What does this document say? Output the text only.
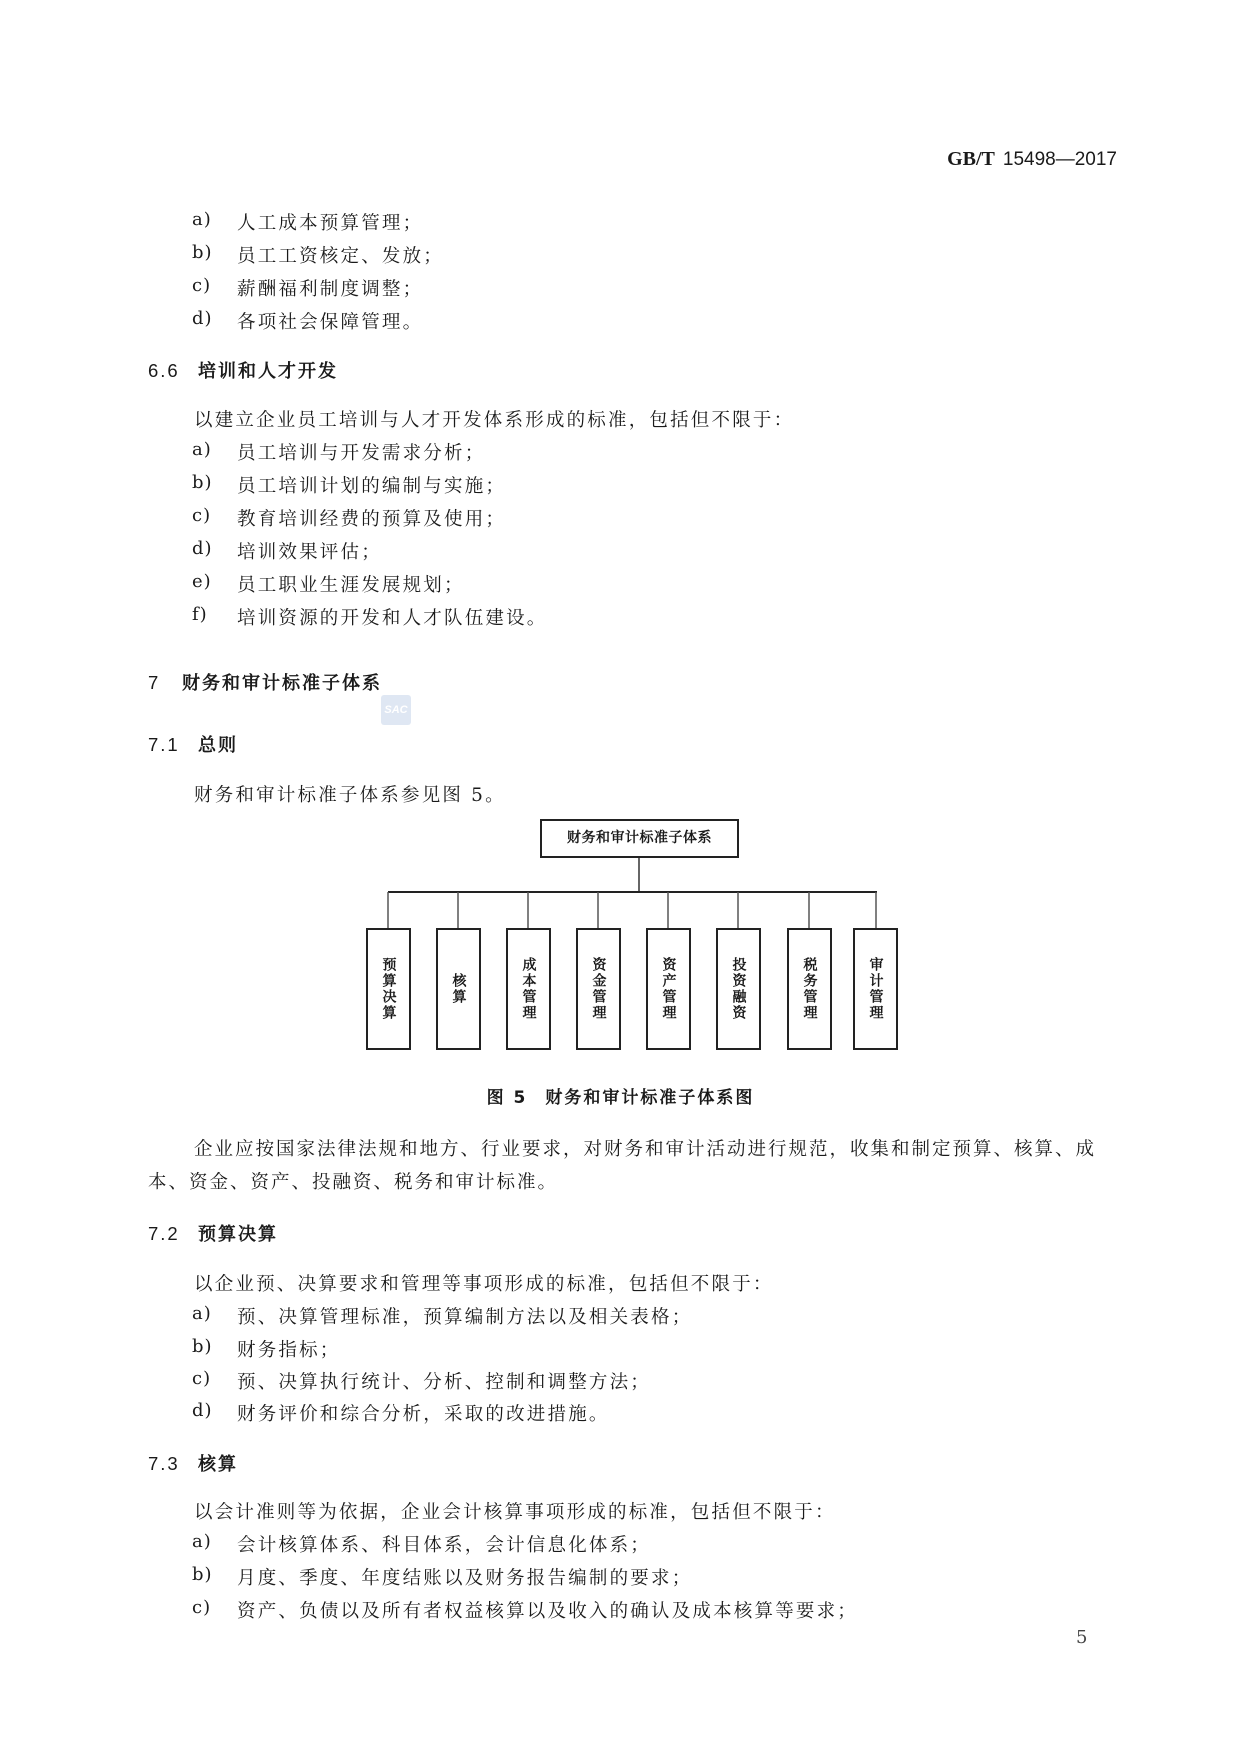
GB/T 15498—2017
a) 人工成本预算管理；
b) 员工工资核定、发放；
c) 薪酬福利制度调整；
d) 各项社会保障管理。
6.6 培训和人才开发
以建立企业员工培训与人才开发体系形成的标准，包括但不限于：
a) 员工培训与开发需求分析；
b) 员工培训计划的编制与实施；
c) 教育培训经费的预算及使用；
d) 培训效果评估；
e) 员工职业生涯发展规划；
f) 培训资源的开发和人才队伍建设。
7 财务和审计标准子体系
SAC
7.1 总则
财务和审计标准子体系参见图 5。
财务和审计标准子体系
预算决算	核算	成本管理	资金管理	资产管理	投资融资	税务管理	审计管理
图 5 财务和审计标准子体系图
企业应按国家法律法规和地方、行业要求，对财务和审计活动进行规范，收集和制定预算、核算、成本、资金、资产、投融资、税务和审计标准。
7.2 预算决算
以企业预、决算要求和管理等事项形成的标准，包括但不限于：
a) 预、决算管理标准，预算编制方法以及相关表格；
b) 财务指标；
c) 预、决算执行统计、分析、控制和调整方法；
d) 财务评价和综合分析，采取的改进措施。
7.3 核算
以会计准则等为依据，企业会计核算事项形成的标准，包括但不限于：
a) 会计核算体系、科目体系，会计信息化体系；
b) 月度、季度、年度结账以及财务报告编制的要求；
c) 资产、负债以及所有者权益核算以及收入的确认及成本核算等要求；
5
